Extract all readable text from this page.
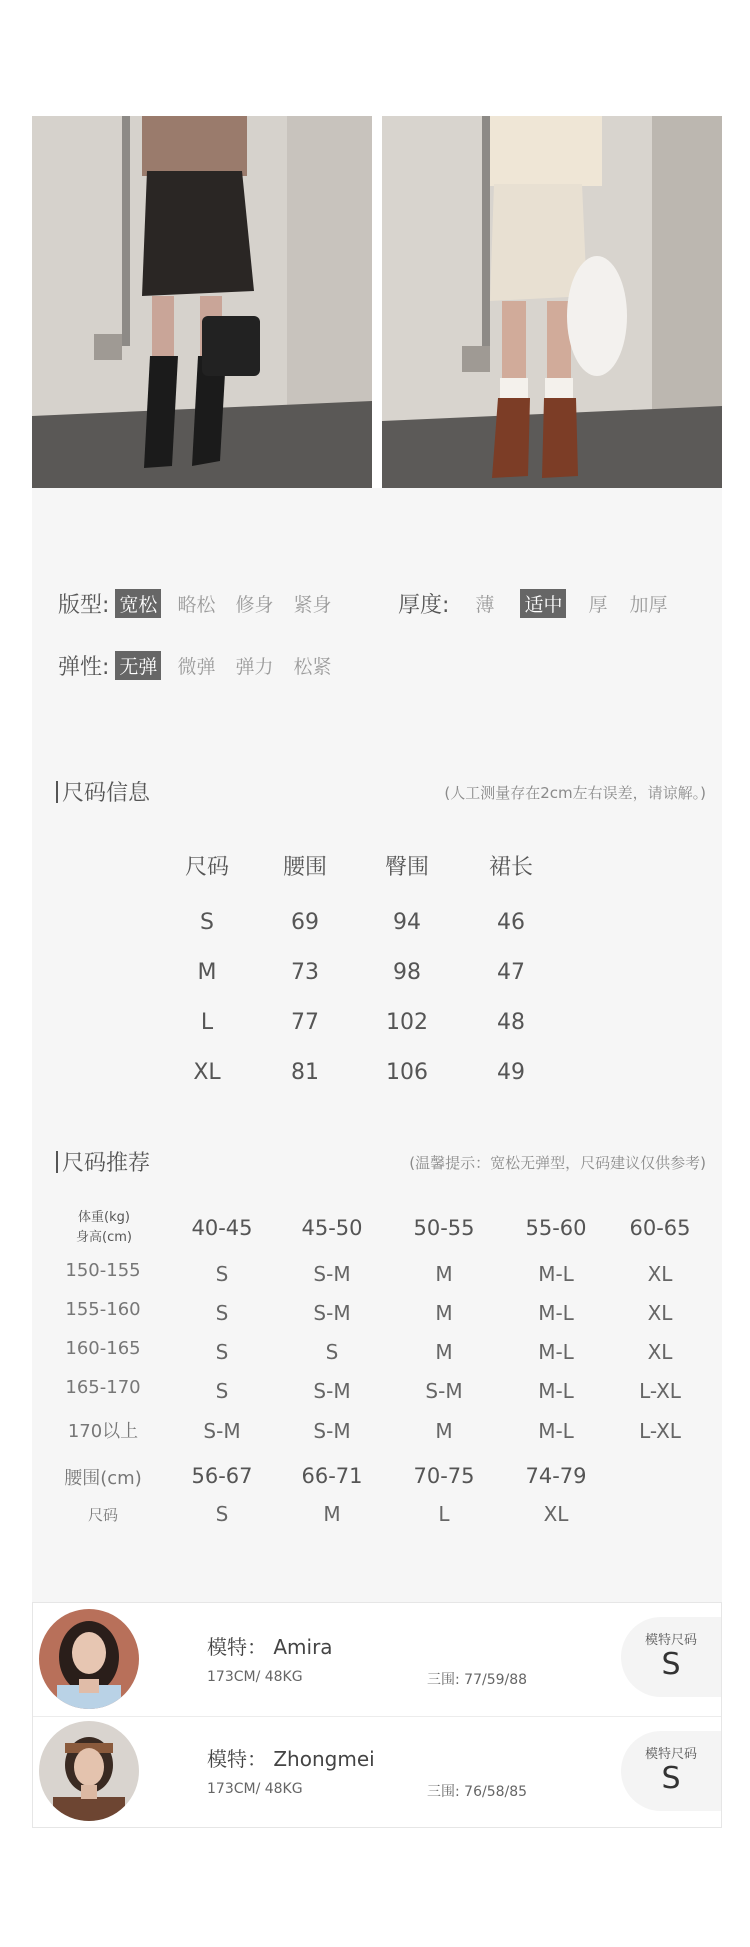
版型: 宽松 略松 修身 紧身	厚度: 薄 适中 厚 加厚
弹性: 无弹 微弹 弹力 松紧
尺码信息	(人工测量存在2cm左右误差，请谅解。)
尺码	腰围	臀围	裙长
S	69	94	46
M	73	98	47
L	77	102	48
XL	81	106	49
尺码推荐	(温馨提示：宽松无弹型，尺码建议仅供参考)
体重(kg)
身高(cm)	40-45	45-50	50-55	55-60	60-65
150-155	S	S-M	M	M-L	XL
155-160	S	S-M	M	M-L	XL
160-165	S	S	M	M-L	XL
165-170	S	S-M	S-M	M-L	L-XL
170以上	S-M	S-M	M	M-L	L-XL
腰围(cm)	56-67	66-71	70-75	74-79
尺码	S	M	L	XL
模特： Amira
173CM/ 48KG	三围: 77/59/88
模特尺码
S
模特： Zhongmei
173CM/ 48KG	三围: 76/58/85
模特尺码
S
